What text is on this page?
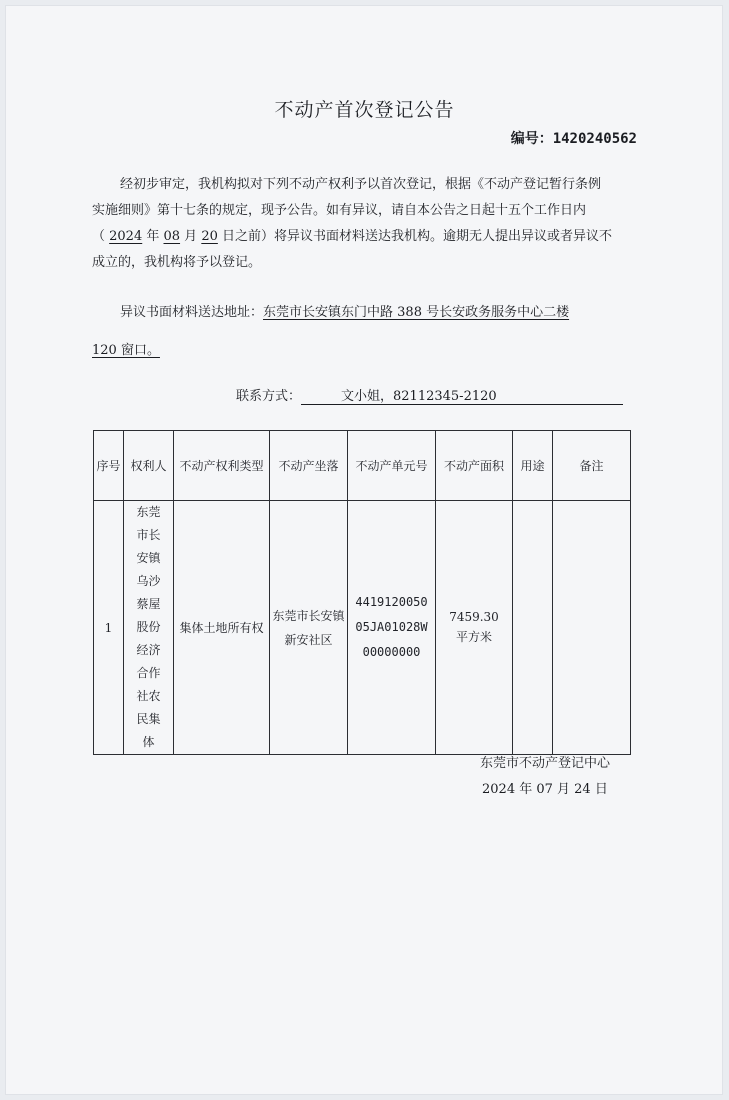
不动产首次登记公告
编号：1420240562
经初步审定，我机构拟对下列不动产权利予以首次登记，根据《不动产登记暂行条例
实施细则》第十七条的规定，现予公告。如有异议，请自本公告之日起十五个工作日内
（ 2024 年 08 月 20 日之前）将异议书面材料送达我机构。逾期无人提出异议或者异议不
成立的，我机构将予以登记。
异议书面材料送达地址：东莞市长安镇东门中路 388 号长安政务服务中心二楼
120 窗口。
联系方式：	文小姐，82112345-2120
序号	权利人	不动产权利类型	不动产坐落	不动产单元号	不动产面积	用途	备注
1	东莞市长安镇乌沙蔡屋股份经济合作社农民集体	集体土地所有权	东莞市长安镇新安社区	441912005005JA01028W00000000	7459.30
平方米		

东莞市不动产登记中心
2024 年 07 月 24 日
